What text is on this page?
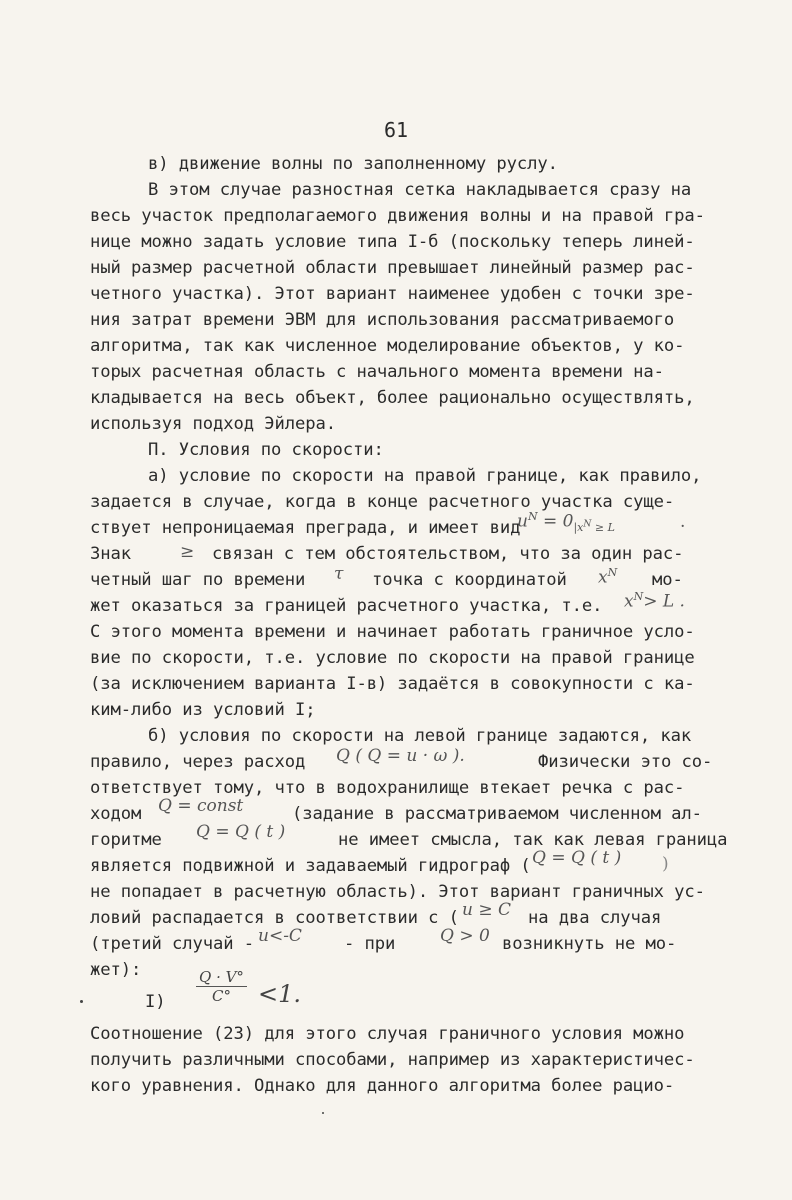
61
в) движение волны по заполненному руслу.
В этом случае разностная сетка накладывается сразу на
весь участок предполагаемого движения волны и на правой гра-
нице можно задать условие типа I-б (поскольку теперь линей-
ный размер расчетной области превышает линейный размер рас-
четного участка). Этот вариант наименее удобен с точки зре-
ния затрат времени ЭВМ для использования рассматриваемого
алгоритма, так как численное моделирование объектов, у ко-
торых расчетная область с начального момента времени на-
кладывается на весь объект, более рационально осуществлять,
используя подход Эйлера.
П. Условия по скорости:
а) условие по скорости на правой границе, как правило,
задается в случае, когда в конце расчетного участка суще-
ствует непроницаемая преграда, и имеет вид
$u^N = 0_{|x^N \ge L}$	.
Знак	≥ связан с тем обстоятельством, что за один рас-
четный шаг по времени τ точка с координатой $x^N$ мо-
жет оказаться за границей расчетного участка, т.е. $x^N> L$ .
С этого момента времени и начинает работать граничное усло-
вие по скорости, т.е. условие по скорости на правой границе
(за исключением варианта I-в) задаётся в совокупности с ка-
ким-либо из условий I;
б) условия по скорости на левой границе задаются, как
правило, через расход Q ( Q = u · ω ).	Физически это со-
ответствует тому, что в водохранилище втекает речка с рас-
ходом Q = const	(задание в рассматриваемом численном ал-
горитме Q = Q ( t )	не имеет смысла, так как левая граница
является подвижной и задаваемый гидрограф ( Q = Q ( t ) )
не попадает в расчетную область). Этот вариант граничных ус-
ловий распадается в соответствии с ( u ≥ C на два случая
(третий случай - u<-C - при	Q > 0 возникнуть не мо-
жет):
$I) \frac{Q \cdot V^\circ}{C^\circ} <1$.
Соотношение (23) для этого случая граничного условия можно
получить различными способами, например из характеристичес-
кого уравнения. Однако для данного алгоритма более рацио-
